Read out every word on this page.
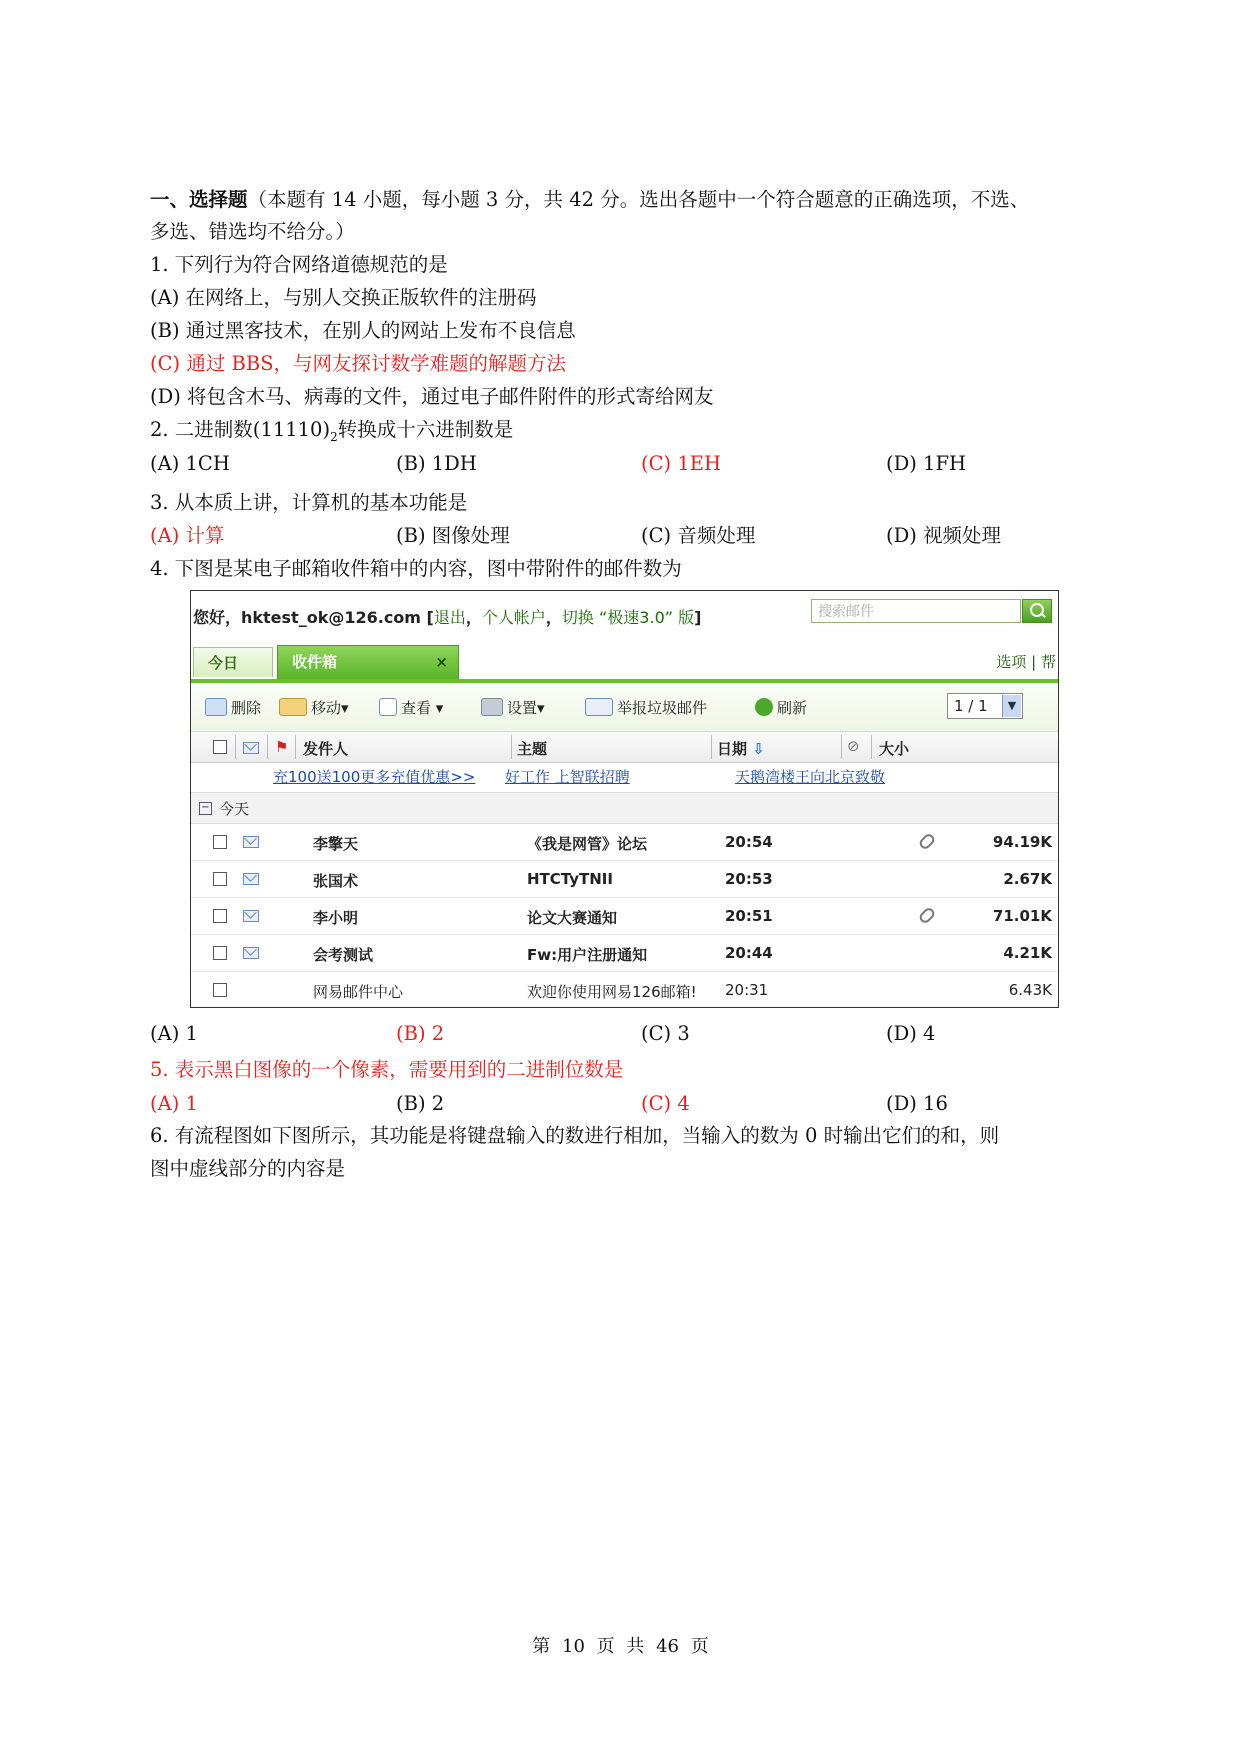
一、选择题（本题有 14 小题，每小题 3 分，共 42 分。选出各题中一个符合题意的正确选项，不选、
多选、错选均不给分。）
1. 下列行为符合网络道德规范的是
(A) 在网络上，与别人交换正版软件的注册码
(B) 通过黑客技术，在别人的网站上发布不良信息
(C) 通过 BBS，与网友探讨数学难题的解题方法
(D) 将包含木马、病毒的文件，通过电子邮件附件的形式寄给网友
2. 二进制数$(11110)_2$转换成十六进制数是
(A) 1CH	(B) 1DH	(C) 1EH	(D) 1FH
3. 从本质上讲，计算机的基本功能是
(A) 计算	(B) 图像处理	(C) 音频处理	(D) 视频处理
4. 下图是某电子邮箱收件箱中的内容，图中带附件的邮件数为
您好，hktest_ok@126.com [退出，个人帐户，切换 “极速3.0” 版]	搜索邮件
今日	收件箱	×	选项 | 帮
删除	移动▾	查看 ▾	设置▾	举报垃圾邮件	刷新	1 / 1	▼
⚑ 发件人	主题	日期 ⇩	⊘ 大小
充100送100更多充值优惠>> 好工作 上智联招聘	天鹅湾楼王向北京致敬
− 今天
李擎天	《我是网管》论坛	20:54	94.19K
张国术	HTCTyTNII	20:53	2.67K
李小明	论文大赛通知	20:51	71.01K
会考测试	Fw:用户注册通知	20:44	4.21K
网易邮件中心	欢迎你使用网易126邮箱! 20:31	6.43K
(A) 1	(B) 2	(C) 3	(D) 4
5. 表示黑白图像的一个像素，需要用到的二进制位数是
(A) 1	(B) 2	(C) 4	(D) 16
6. 有流程图如下图所示，其功能是将键盘输入的数进行相加，当输入的数为 0 时输出它们的和，则
图中虚线部分的内容是
第 10 页 共 46 页
